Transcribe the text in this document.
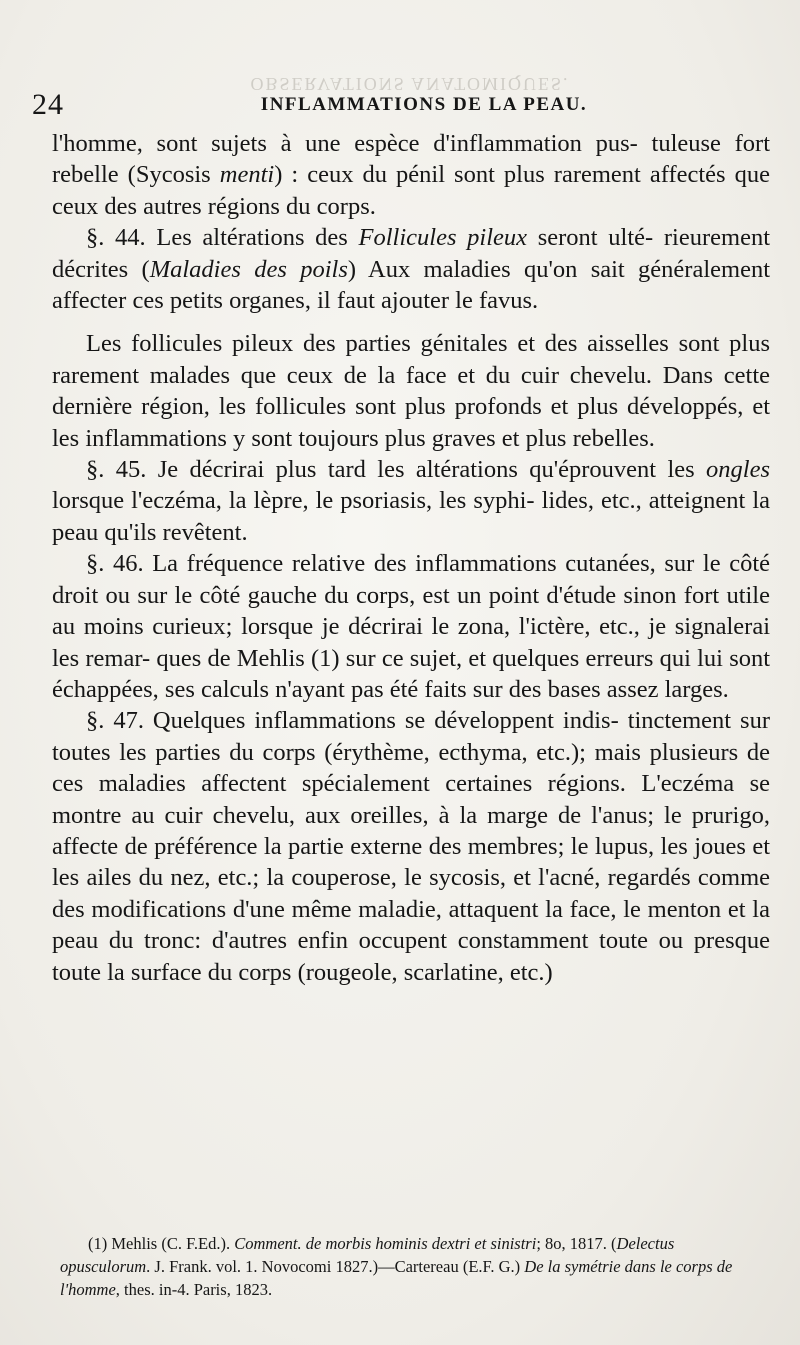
OBSERVATIONS ANATOMIQUES.
24	INFLAMMATIONS DE LA PEAU.

l'homme, sont sujets à une espèce d'inflammation pus- tuleuse fort rebelle (Sycosis menti) : ceux du pénil sont plus rarement affectés que ceux des autres régions du corps.

§. 44. Les altérations des Follicules pileux seront ulté- rieurement décrites (Maladies des poils) Aux maladies qu'on sait généralement affecter ces petits organes, il faut ajouter le favus.

Les follicules pileux des parties génitales et des aisselles sont plus rarement malades que ceux de la face et du cuir chevelu. Dans cette dernière région, les follicules sont plus profonds et plus développés, et les inflammations y sont toujours plus graves et plus rebelles.

§. 45. Je décrirai plus tard les altérations qu'éprouvent les ongles lorsque l'eczéma, la lèpre, le psoriasis, les syphi- lides, etc., atteignent la peau qu'ils revêtent.

§. 46. La fréquence relative des inflammations cutanées, sur le côté droit ou sur le côté gauche du corps, est un point d'étude sinon fort utile au moins curieux; lorsque je décrirai le zona, l'ictère, etc., je signalerai les remar- ques de Mehlis (1) sur ce sujet, et quelques erreurs qui lui sont échappées, ses calculs n'ayant pas été faits sur des bases assez larges.

§. 47. Quelques inflammations se développent indis- tinctement sur toutes les parties du corps (érythème, ecthyma, etc.); mais plusieurs de ces maladies affectent spécialement certaines régions. L'eczéma se montre au cuir chevelu, aux oreilles, à la marge de l'anus; le prurigo, affecte de préférence la partie externe des membres; le lupus, les joues et les ailes du nez, etc.; la couperose, le sycosis, et l'acné, regardés comme des modifications d'une même maladie, attaquent la face, le menton et la peau du tronc: d'autres enfin occupent constamment toute ou presque toute la surface du corps (rougeole, scarlatine, etc.)

(1) Mehlis (C. F.Ed.). Comment. de morbis hominis dextri et sinistri; 8o, 1817. (Delectus opusculorum. J. Frank. vol. 1. Novocomi 1827.)—Cartereau (E.F. G.) De la symétrie dans le corps de l'homme, thes. in-4. Paris, 1823.
